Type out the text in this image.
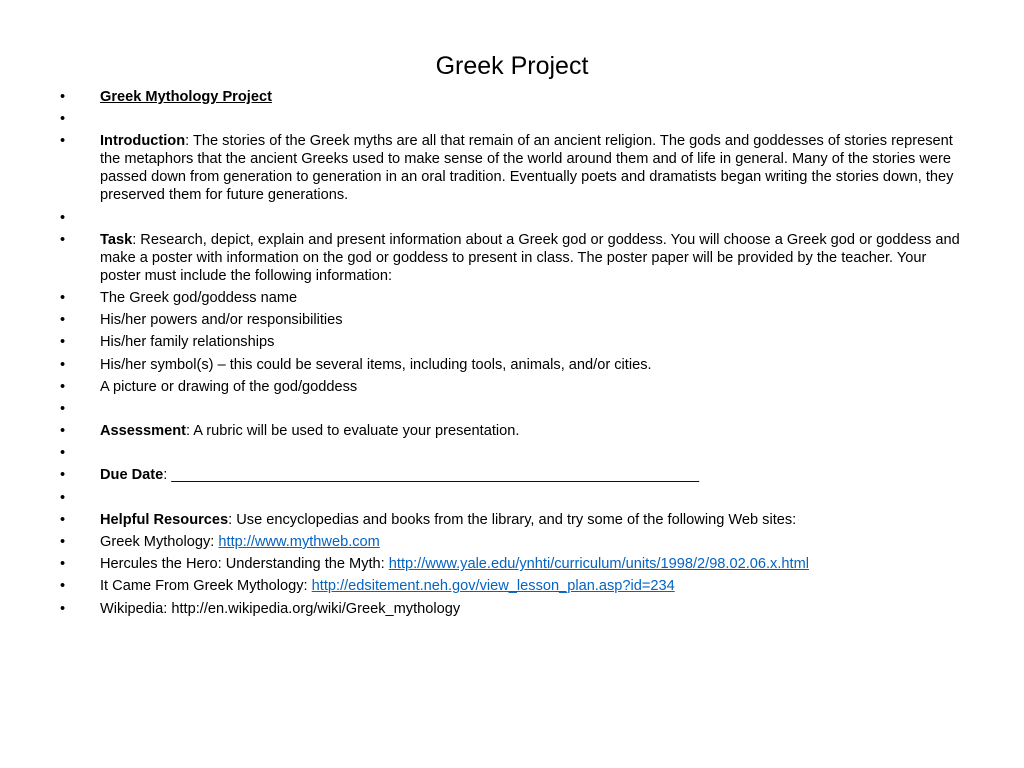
Greek Project
•	Greek Mythology Project
•
•	Introduction: The stories of the Greek myths are all that remain of an ancient religion. The gods and goddesses of stories represent the metaphors that the ancient Greeks used to make sense of the world around them and of life in general. Many of the stories were passed down from generation to generation in an oral tradition. Eventually poets and dramatists began writing the stories down, they preserved them for future generations.
•
•	Task: Research, depict, explain and present information about a Greek god or goddess. You will choose a Greek god or goddess and make a poster with information on the god or goddess to present in class. The poster paper will be provided by the teacher. Your poster must include the following information:
•	The Greek god/goddess name
•	His/her powers and/or responsibilities
•	His/her family relationships
•	His/her symbol(s) – this could be several items, including tools, animals, and/or cities.
•	A picture or drawing of the god/goddess
•
•	Assessment: A rubric will be used to evaluate your presentation.
•
•	Due Date: _________________________________________________________________
•
•	Helpful Resources: Use encyclopedias and books from the library, and try some of the following Web sites:
•	Greek Mythology: http://www.mythweb.com
•	Hercules the Hero: Understanding the Myth: http://www.yale.edu/ynhti/curriculum/units/1998/2/98.02.06.x.html
•	It Came From Greek Mythology: http://edsitement.neh.gov/view_lesson_plan.asp?id=234
•	Wikipedia: http://en.wikipedia.org/wiki/Greek_mythology
